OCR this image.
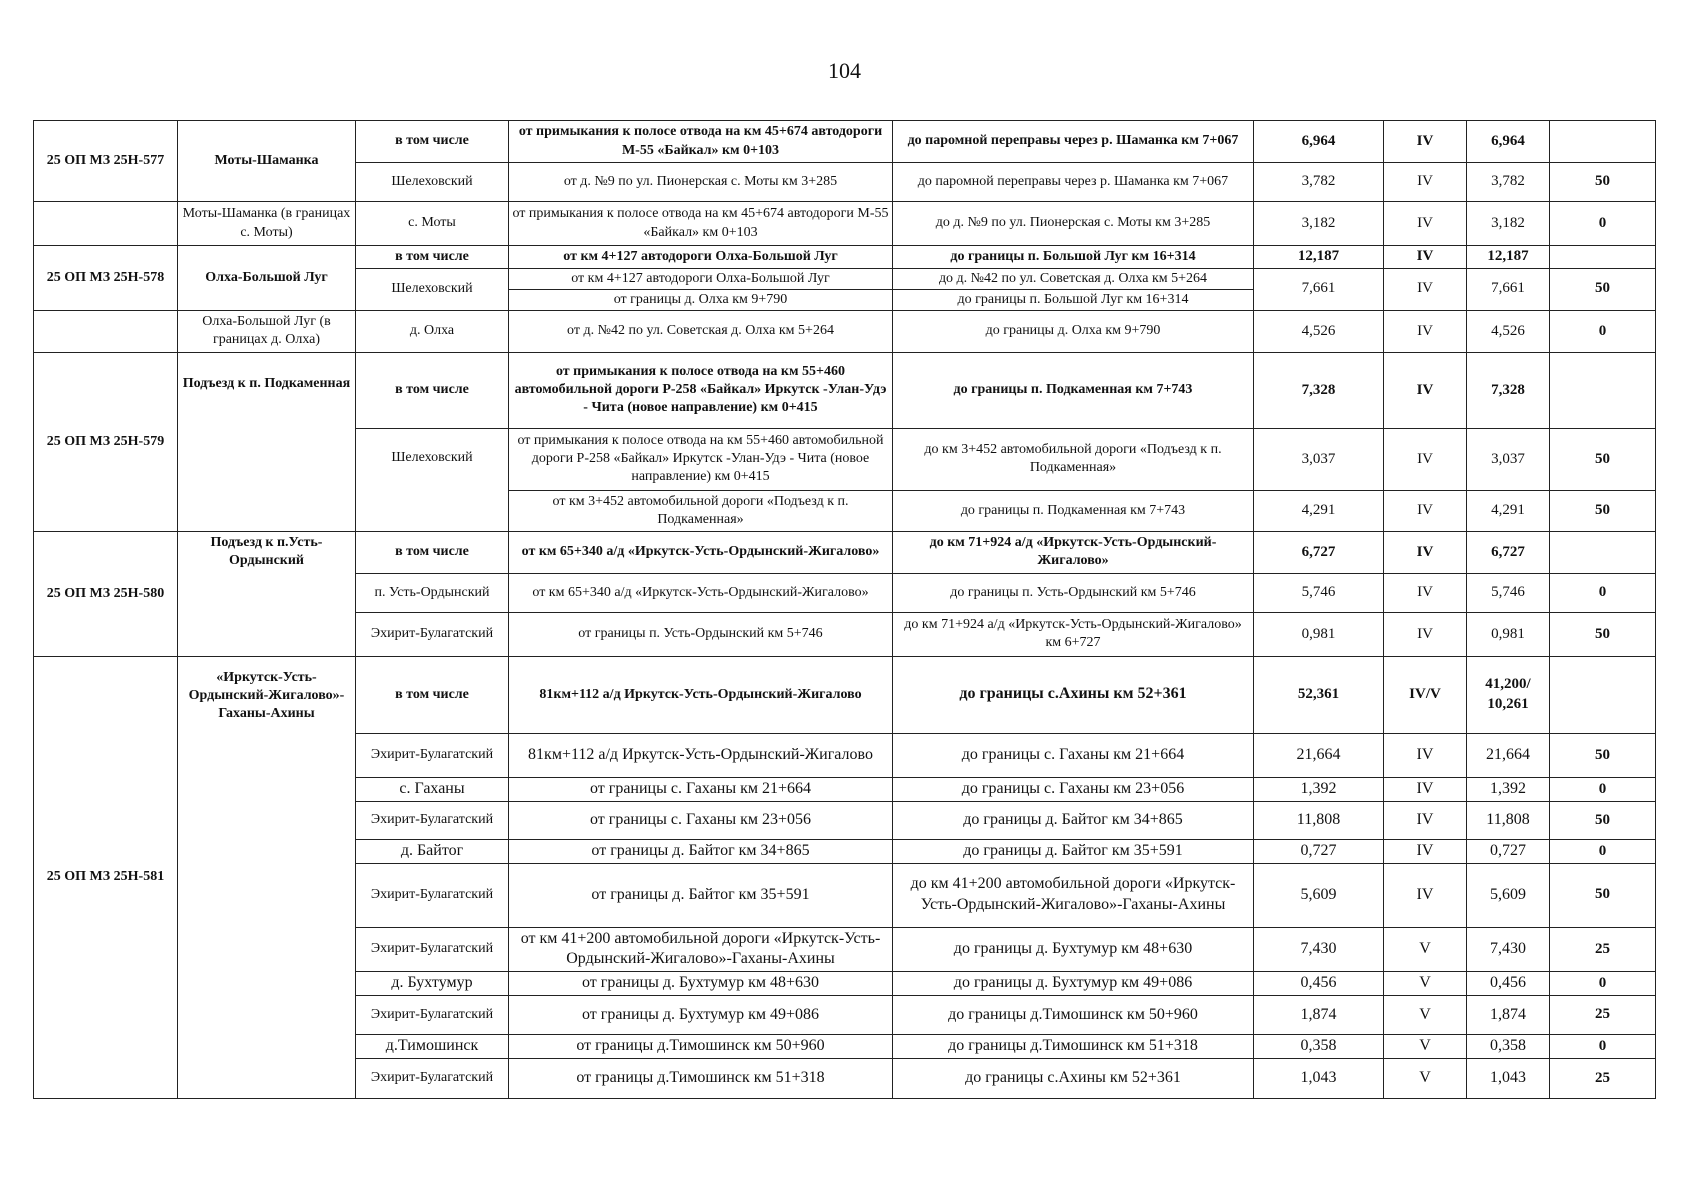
104
25 ОП МЗ 25Н-577	Моты-Шаманка	в том числе	от примыкания к полосе отвода на км 45+674 автодороги М-55 «Байкал» км 0+103	до паромной переправы через р. Шаманка км 7+067	6,964	IV	6,964	
		Шелеховский	от д. №9 по ул. Пионерская с. Моты км 3+285	до паромной переправы через р. Шаманка км 7+067	3,782	IV	3,782	50
	Моты-Шаманка (в границах с. Моты)	с. Моты	от примыкания к полосе отвода на км 45+674 автодороги М-55 «Байкал» км 0+103	до д. №9 по ул. Пионерская с. Моты км 3+285	3,182	IV	3,182	0
25 ОП МЗ 25Н-578	Олха-Большой Луг	в том числе	от км 4+127 автодороги Олха-Большой Луг	до границы п. Большой Луг км 16+314	12,187	IV	12,187	
		Шелеховский	от км 4+127 автодороги Олха-Большой Луг	до д. №42 по ул. Советская д. Олха км 5+264	7,661	IV	7,661	50
			от границы д. Олха км 9+790	до границы п. Большой Луг км 16+314				
	Олха-Большой Луг (в границах д. Олха)	д. Олха	от д. №42 по ул. Советская д. Олха км 5+264	до границы д. Олха км 9+790	4,526	IV	4,526	0
25 ОП МЗ 25Н-579	Подъезд к п. Подкаменная	в том числе	от примыкания к полосе отвода на км 55+460 автомобильной дороги Р-258 «Байкал» Иркутск -Улан-Удэ - Чита (новое направление) км 0+415	до границы п. Подкаменная км 7+743	7,328	IV	7,328	
		Шелеховский	от примыкания к полосе отвода на км 55+460 автомобильной дороги Р-258 «Байкал» Иркутск -Улан-Удэ - Чита (новое направление) км 0+415	до км 3+452 автомобильной дороги «Подъезд к п. Подкаменная»	3,037	IV	3,037	50
			от км 3+452 автомобильной дороги «Подъезд к п. Подкаменная»	до границы п. Подкаменная км 7+743	4,291	IV	4,291	50
25 ОП МЗ 25Н-580	Подъезд к п.Усть-Ордынский	в том числе	от км 65+340 а/д «Иркутск-Усть-Ордынский-Жигалово»	до км 71+924 а/д «Иркутск-Усть-Ордынский-Жигалово»	6,727	IV	6,727	
		п. Усть-Ордынский	от км 65+340 а/д «Иркутск-Усть-Ордынский-Жигалово»	до границы п. Усть-Ордынский км 5+746	5,746	IV	5,746	0
		Эхирит-Булагатский	от границы п. Усть-Ордынский км 5+746	до км 71+924 а/д «Иркутск-Усть-Ордынский-Жигалово» км 6+727	0,981	IV	0,981	50
25 ОП МЗ 25Н-581	«Иркутск-Усть-Ордынский-Жигалово»-Гаханы-Ахины	в том числе	81км+112 а/д Иркутск-Усть-Ордынский-Жигалово	до границы с.Ахины км 52+361	52,361	IV/V	41,200/ 10,261	
		Эхирит-Булагатский	81км+112 а/д Иркутск-Усть-Ордынский-Жигалово	до границы с. Гаханы км 21+664	21,664	IV	21,664	50
		с. Гаханы	от границы с. Гаханы км 21+664	до границы с. Гаханы км 23+056	1,392	IV	1,392	0
		Эхирит-Булагатский	от границы с. Гаханы км 23+056	до границы д. Байтог км 34+865	11,808	IV	11,808	50
		д. Байтог	от границы д. Байтог км 34+865	до границы д. Байтог км 35+591	0,727	IV	0,727	0
		Эхирит-Булагатский	от границы д. Байтог км 35+591	до км 41+200 автомобильной дороги «Иркутск-Усть-Ордынский-Жигалово»-Гаханы-Ахины	5,609	IV	5,609	50
		Эхирит-Булагатский	от км 41+200 автомобильной дороги «Иркутск-Усть-Ордынский-Жигалово»-Гаханы-Ахины	до границы д. Бухтумур км 48+630	7,430	V	7,430	25
		д. Бухтумур	от границы д. Бухтумур км 48+630	до границы д. Бухтумур км 49+086	0,456	V	0,456	0
		Эхирит-Булагатский	от границы д. Бухтумур км 49+086	до границы д.Тимошинск км 50+960	1,874	V	1,874	25
		д.Тимошинск	от границы д.Тимошинск км 50+960	до границы д.Тимошинск км 51+318	0,358	V	0,358	0
		Эхирит-Булагатский	от границы д.Тимошинск км 51+318	до границы с.Ахины км 52+361	1,043	V	1,043	25
